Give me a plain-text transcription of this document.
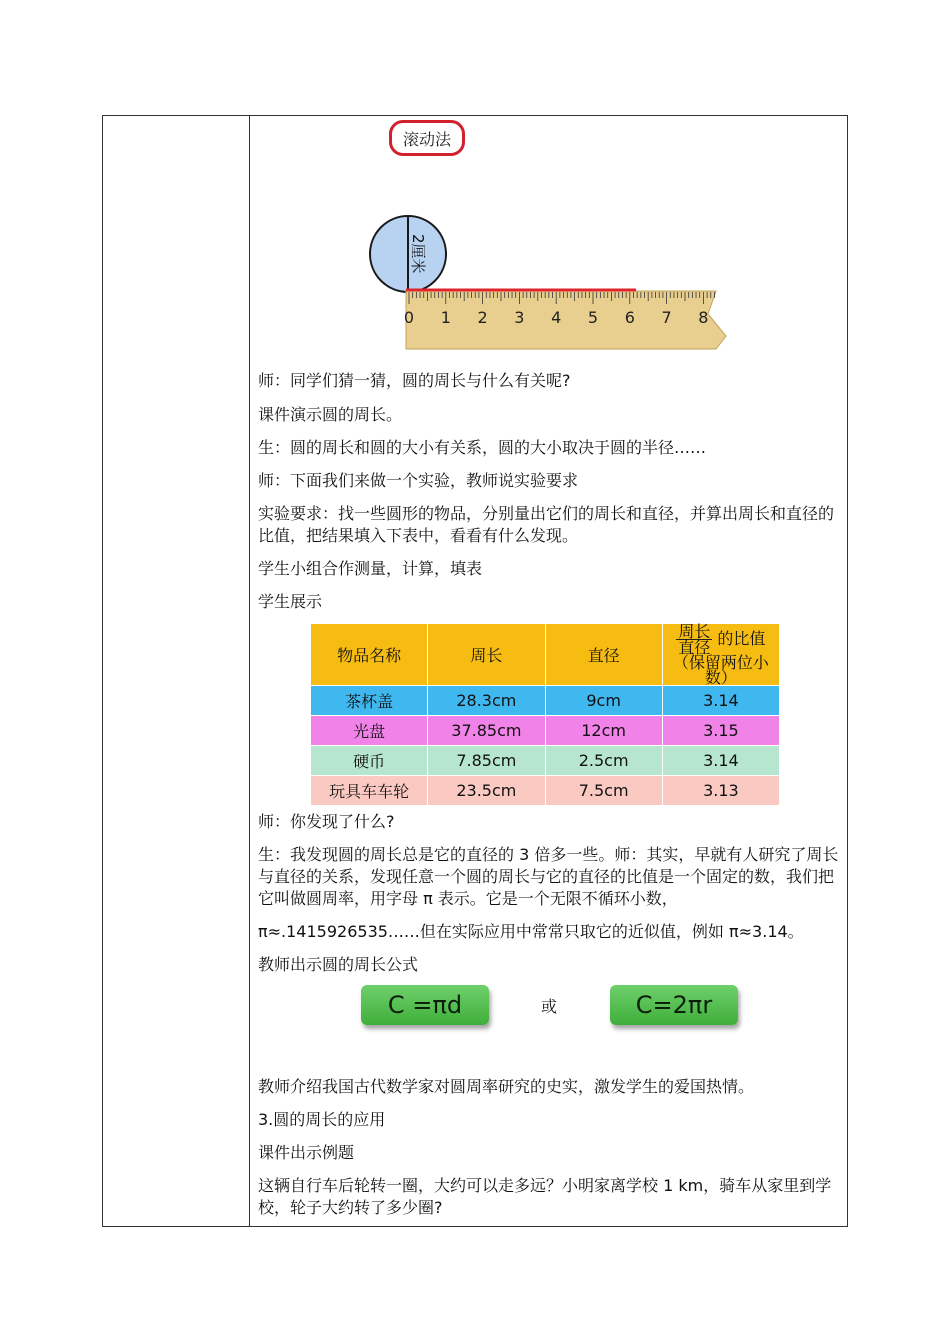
滚动法
2厘米
0 1 2 3 4 5 6 7 8

师：同学们猜一猜，圆的周长与什么有关呢?

课件演示圆的周长。

生：圆的周长和圆的大小有关系，圆的大小取决于圆的半径……

师：下面我们来做一个实验，教师说实验要求

实验要求：找一些圆形的物品，分别量出它们的周长和直径，并算出周长和直径的比值，把结果填入下表中，看看有什么发现。

学生小组合作测量，计算，填表

学生展示

物品名称	周长	直径	$\frac{\text{周长}}{\text{直径}}$ 的比值
（保留两位小数）
茶杯盖	28.3cm	9cm	3.14
光盘	37.85cm	12cm	3.15
硬币	7.85cm	2.5cm	3.14
玩具车车轮	23.5cm	7.5cm	3.13

师：你发现了什么?

生：我发现圆的周长总是它的直径的 3 倍多一些。师：其实，早就有人研究了周长与直径的关系，发现任意一个圆的周长与它的直径的比值是一个固定的数，我们把它叫做圆周率，用字母 π 表示。它是一个无限不循环小数，

π≈.1415926535……但在实际应用中常常只取它的近似值，例如 π≈3.14。

教师出示圆的周长公式

C =πd	或	C=2πr

教师介绍我国古代数学家对圆周率研究的史实，激发学生的爱国热情。

3.圆的周长的应用

课件出示例题

这辆自行车后轮转一圈，大约可以走多远？小明家离学校 1 km，骑车从家里到学校，轮子大约转了多少圈?
